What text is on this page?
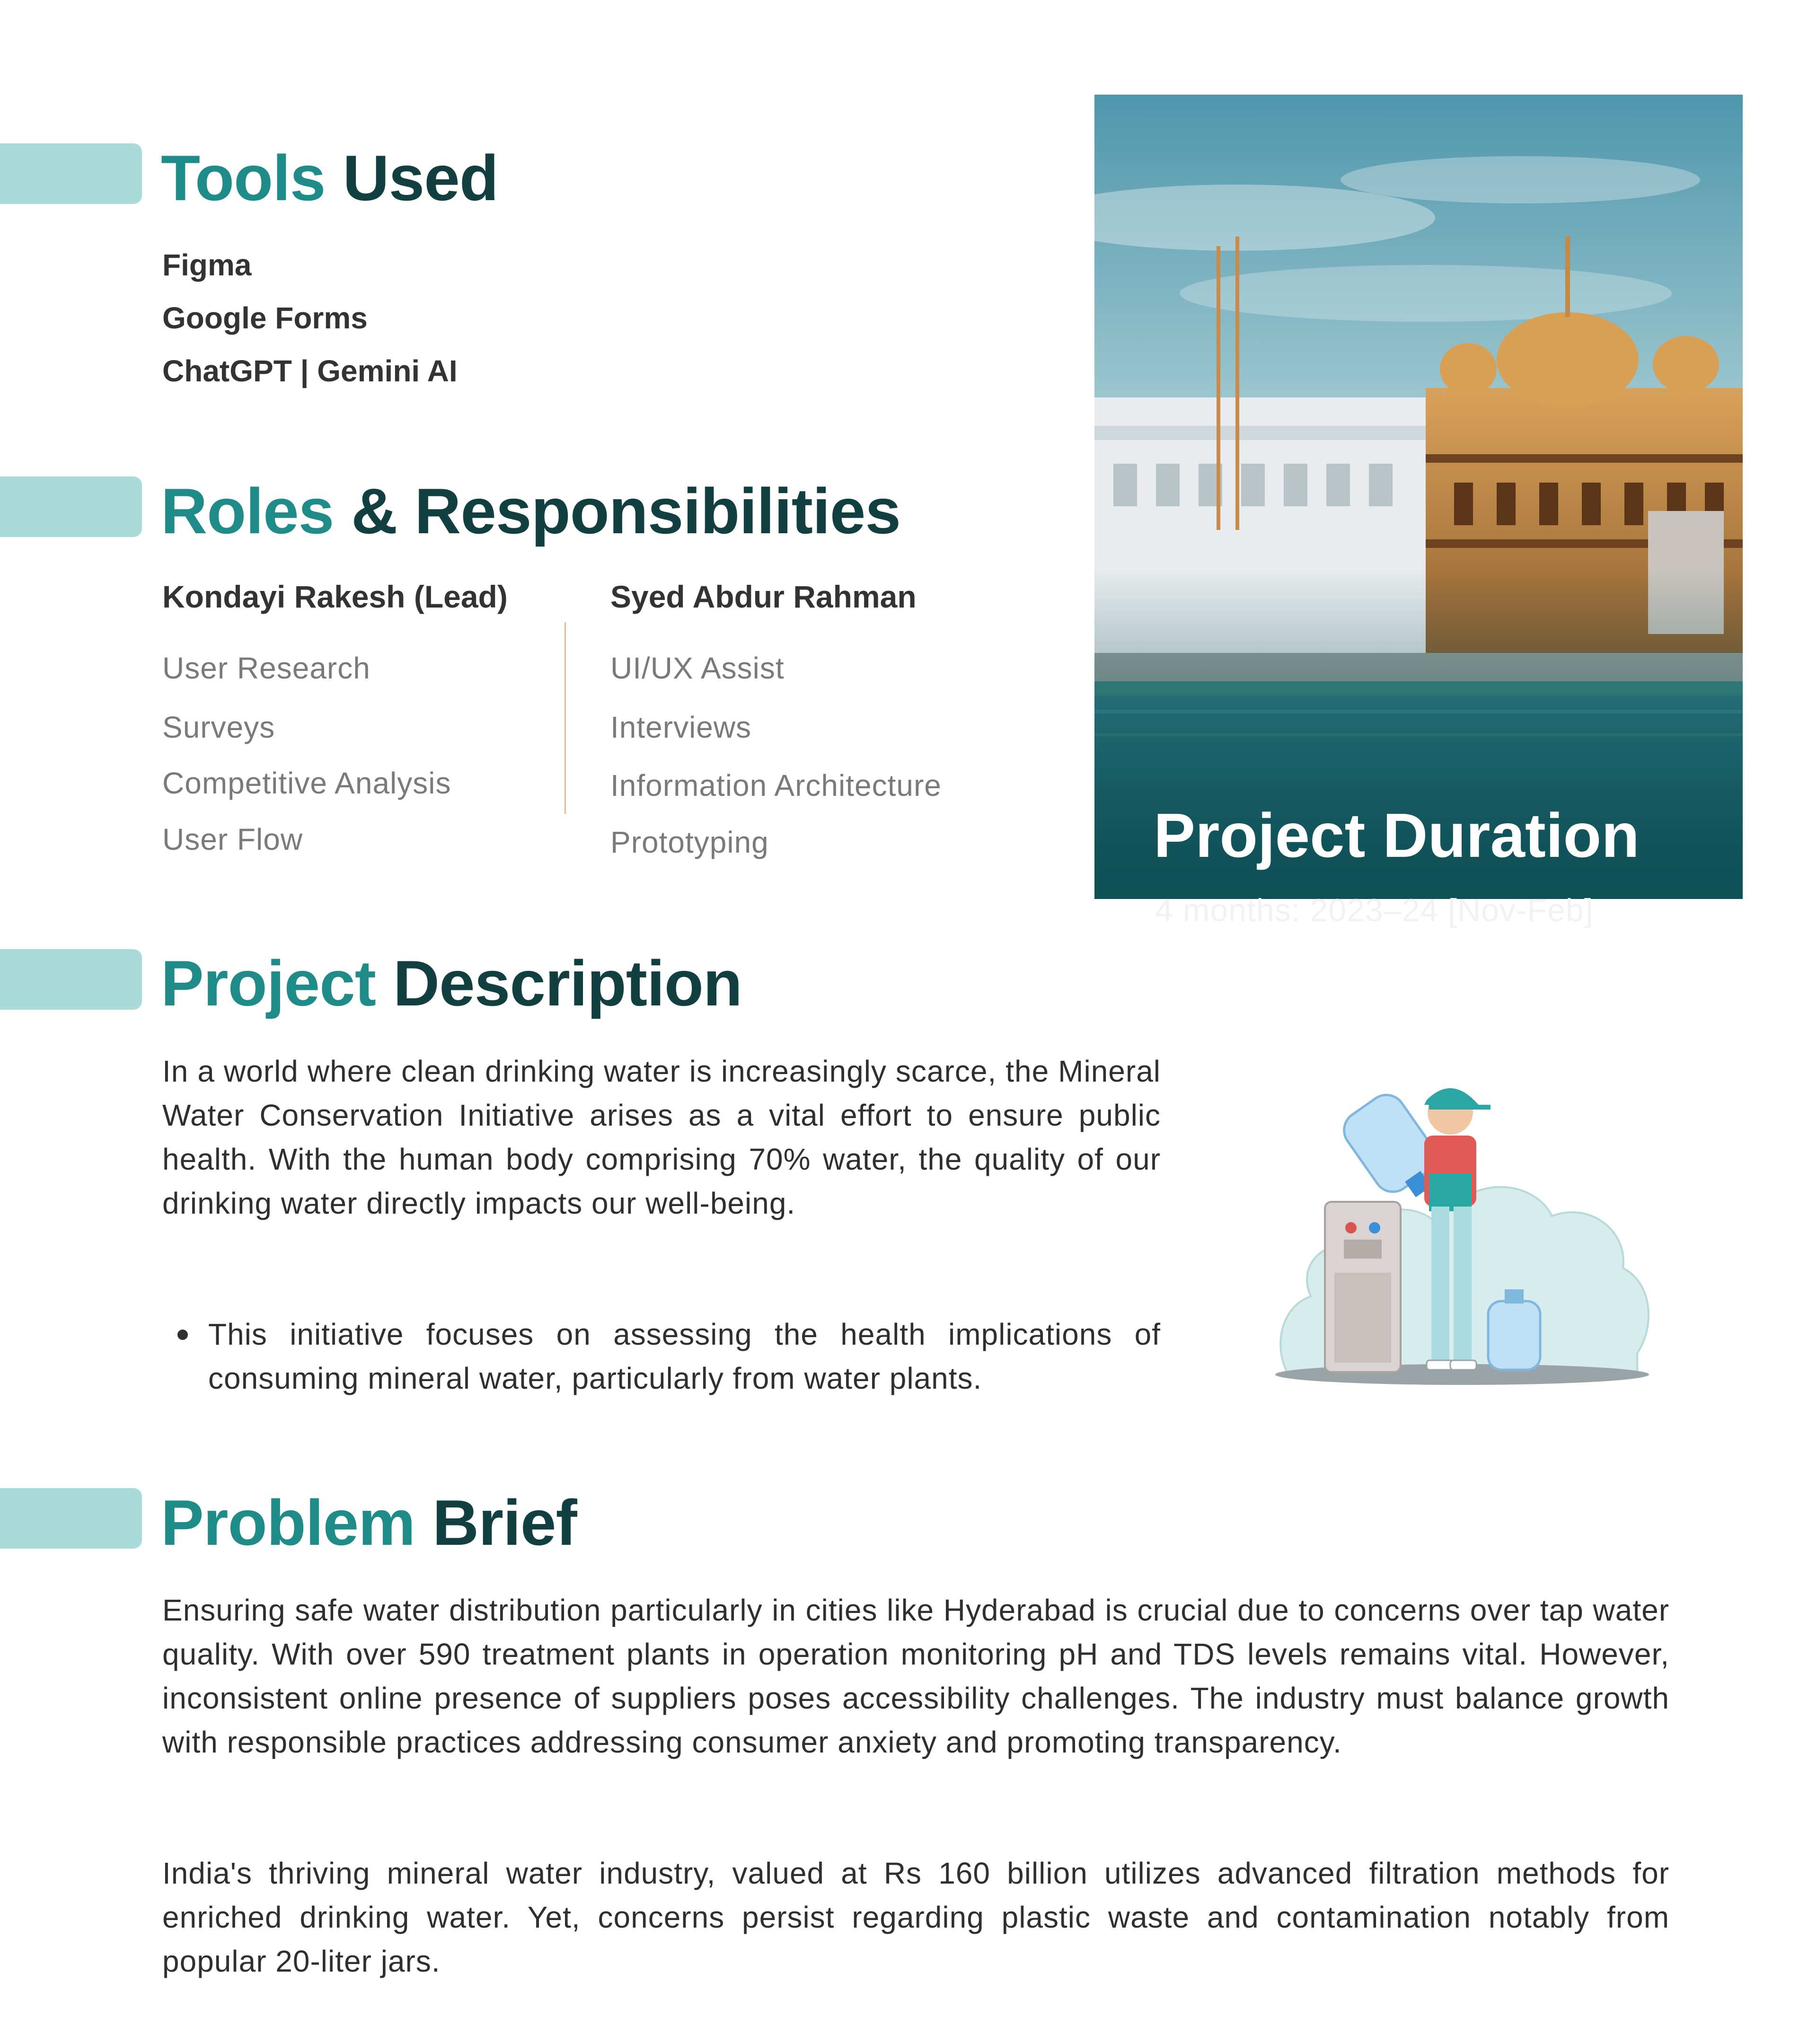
Tools Used
Figma
Google Forms
ChatGPT | Gemini AI
Roles & Responsibilities
Kondayi Rakesh (Lead)
User Research
Surveys
Competitive Analysis
User Flow
Syed Abdur Rahman
UI/UX Assist
Interviews
Information Architecture
Prototyping	Project Duration
4 months: 2023–24 [Nov-Feb]
Project Description

In a world where clean drinking water is increasingly scarce, the Mineral Water Conservation Initiative arises as a vital effort to ensure public health. With the human body comprising 70% water, the quality of our drinking water directly impacts our well-being.

This initiative focuses on assessing the health implications of consuming mineral water, particularly from water plants.

Problem Brief

Ensuring safe water distribution particularly in cities like Hyderabad is crucial due to concerns over tap water quality. With over 590 treatment plants in operation monitoring pH and TDS levels remains vital. However, inconsistent online presence of suppliers poses accessibility challenges. The industry must balance growth with responsible practices addressing consumer anxiety and promoting transparency.

India's thriving mineral water industry, valued at Rs 160 billion utilizes advanced filtration methods for enriched drinking water. Yet, concerns persist regarding plastic waste and contamination notably from popular 20-liter jars.
